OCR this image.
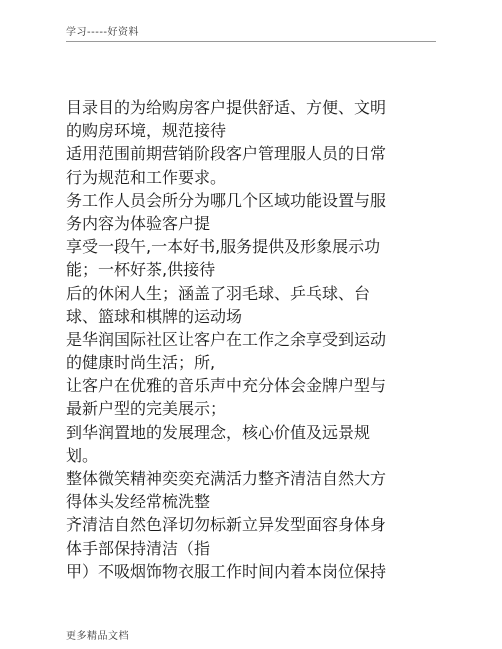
学习-----好资料
目录目的为给购房客户提供舒适、方便、文明
的购房环境，规范接待
适用范围前期营销阶段客户管理服人员的日常
行为规范和工作要求。
务工作人员会所分为哪几个区域功能设置与服
务内容为体验客户提
享受一段午,一本好书,服务提供及形象展示功
能；一杯好茶,供接待
后的休闲人生；涵盖了羽毛球、乒乓球、台
球、篮球和棋牌的运动场
是华润国际社区让客户在工作之余享受到运动
的健康时尚生活；所,
让客户在优雅的音乐声中充分体会金牌户型与
最新户型的完美展示；
到华润置地的发展理念，核心价值及远景规
划。
整体微笑精神奕奕充满活力整齐清洁自然大方
得体头发经常梳洗整
齐清洁自然色泽切勿标新立异发型面容身体身
体手部保持清洁（指
甲）不吸烟饰物衣服工作时间内着本岗位保持
更多精品文档
